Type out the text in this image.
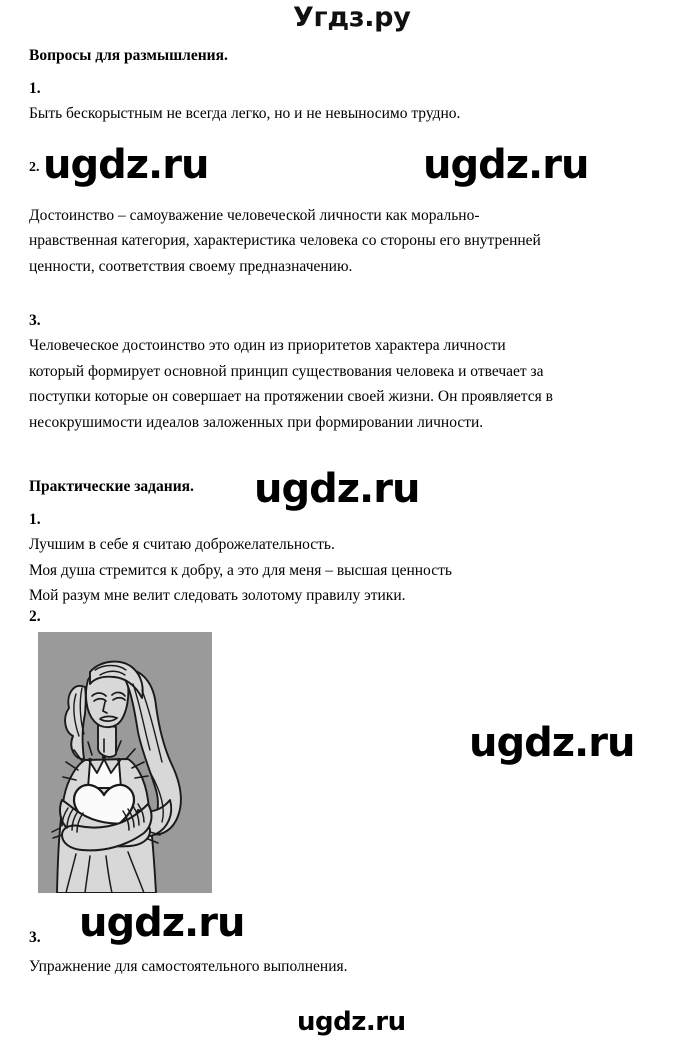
Угдз.ру

Вопросы для размышления.

1.

Быть бескорыстным не всегда легко, но и не невыносимо трудно.

Достоинство – самоуважение человеческой личности как морально-

нравственная категория, характеристика человека со стороны его внутренней

ценности, соответствия своему предназначению.

3.

Человеческое достоинство это один из приоритетов характера личности

который формирует основной принцип существования человека и отвечает за

поступки которые он совершает на протяжении своей жизни. Он проявляется в

несокрушимости идеалов заложенных при формировании личности.

Практические задания.

1.

Лучшим в себе я считаю доброжелательность.

Моя душа стремится к добру, а это для меня – высшая ценность

Мой разум мне велит следовать золотому правилу этики.

2.
2.
3.
Упражнение для самостоятельного выполнения.
ugdz.ru	ugdz.ru
ugdz.ru
ugdz.ru
ugdz.ru
ugdz.ru
